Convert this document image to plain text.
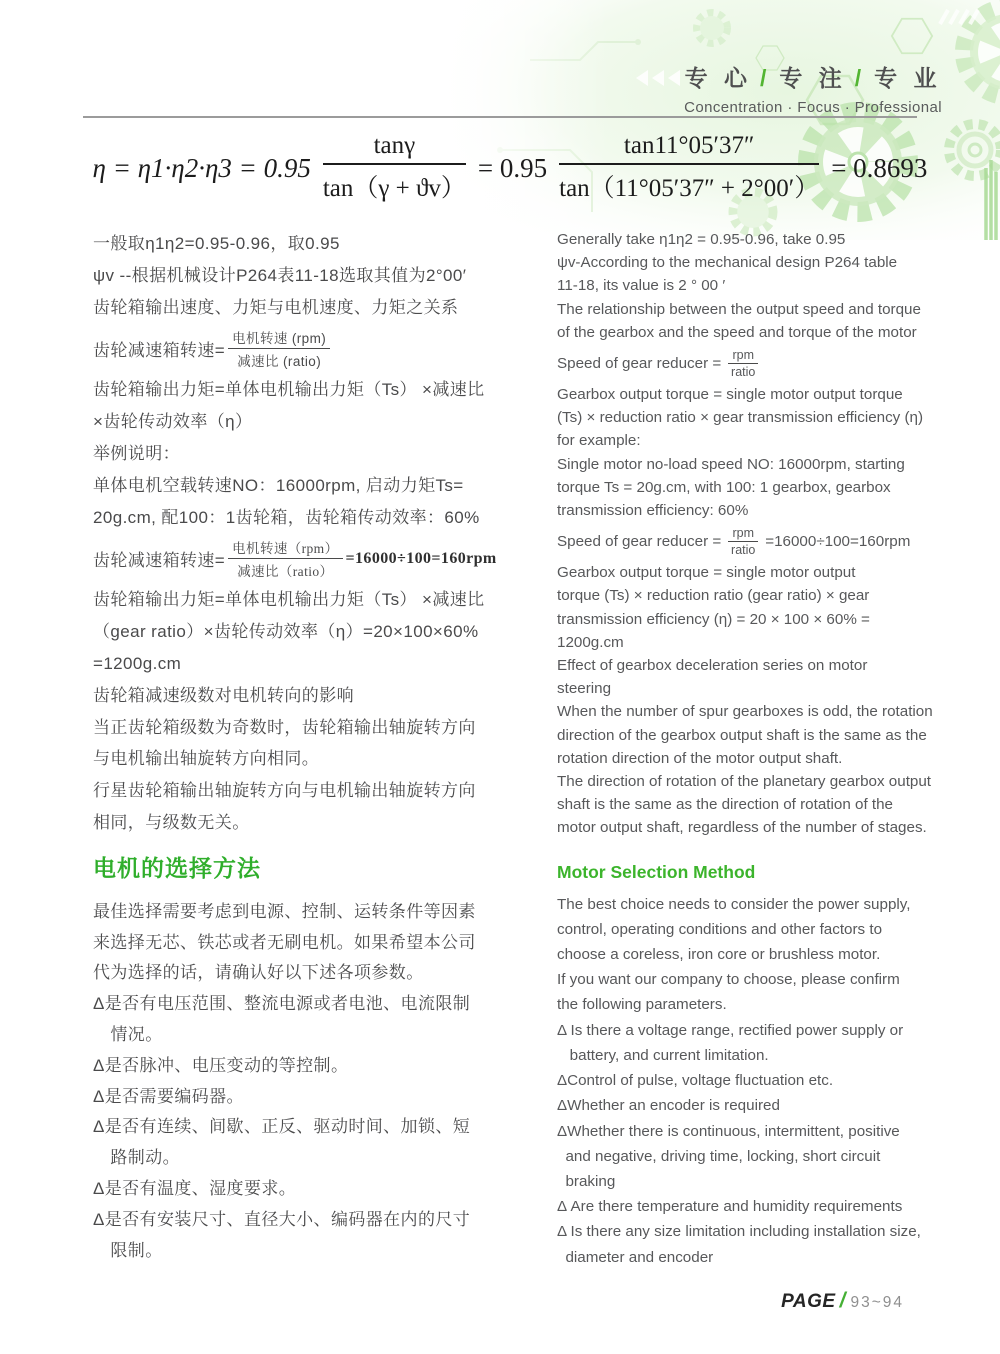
专 心 / 专 注 / 专 业
Concentration · Focus · Professional
$\eta = \eta 1\cdot\eta 2\cdot\eta 3 = 0.95 \frac{\tan\gamma}{\tan(\gamma + ϑv)} = 0.95 \frac{\tan 11^\circ 05'37''}{\tan(11^\circ 05'37'' + 2^\circ 00')} = 0.8693$
一般取η1η2=0.95-0.96，取0.95
ψv --根据机械设计P264表11-18选取其值为2°00′
齿轮箱输出速度、力矩与电机速度、力矩之关系
齿轮减速箱转速= $\frac{\text{电机转速 (rpm)}}{\text{减速比 (ratio)}}$
齿轮箱输出力矩=单体电机输出力矩（Ts） ×减速比
×齿轮传动效率（η）
举例说明：
单体电机空载转速NO：16000rpm, 启动力矩Ts=
20g.cm, 配100：1齿轮箱，齿轮箱传动效率：60%
齿轮减速箱转速= $\frac{\text{电机转速（rpm）}}{\text{减速比（ratio）}} =16000\div 100=160rpm$
齿轮箱输出力矩=单体电机输出力矩（Ts） ×减速比
（gear ratio）×齿轮传动效率（η）=20×100×60%
=1200g.cm
齿轮箱减速级数对电机转向的影响
当正齿轮箱级数为奇数时，齿轮箱输出轴旋转方向
与电机输出轴旋转方向相同。
行星齿轮箱输出轴旋转方向与电机输出轴旋转方向
相同，与级数无关。
电机的选择方法
最佳选择需要考虑到电源、控制、运转条件等因素
来选择无芯、铁芯或者无刷电机。如果希望本公司
代为选择的话，请确认好以下述各项参数。
Δ是否有电压范围、整流电源或者电池、电流限制
　情况。
Δ是否脉冲、电压变动的等控制。
Δ是否需要编码器。
Δ是否有连续、间歇、正反、驱动时间、加锁、短
　路制动。
Δ是否有温度、湿度要求。
Δ是否有安装尺寸、直径大小、编码器在内的尺寸
　限制。
Generally take η1η2 = 0.95-0.96, take 0.95
ψv-According to the mechanical design P264 table
11-18, its value is 2 ° 00 ′
The relationship between the output speed and torque
of the gearbox and the speed and torque of the motor
Speed of gear reducer = $\frac{\text{rpm}}{\text{ratio}}$
Gearbox output torque = single motor output torque
(Ts) × reduction ratio × gear transmission efficiency (η)
for example:
Single motor no-load speed NO: 16000rpm, starting
torque Ts = 20g.cm, with 100: 1 gearbox, gearbox
transmission efficiency: 60%
Speed of gear reducer = $\frac{\text{rpm}}{\text{ratio}} =16000\div 100=160rpm$
Gearbox output torque = single motor output
torque (Ts) × reduction ratio (gear ratio) × gear
transmission efficiency (η) = 20 × 100 × 60% =
1200g.cm
Effect of gearbox deceleration series on motor
steering
When the number of spur gearboxes is odd, the rotation
direction of the gearbox output shaft is the same as the
rotation direction of the motor output shaft.
The direction of rotation of the planetary gearbox output
shaft is the same as the direction of rotation of the
motor output shaft, regardless of the number of stages.
Motor Selection Method
The best choice needs to consider the power supply,
control, operating conditions and other factors to
choose a coreless, iron core or brushless motor.
If you want our company to choose, please confirm
the following parameters.
Δ Is there a voltage range, rectified power supply or
battery, and current limitation.
ΔControl of pulse, voltage fluctuation etc.
ΔWhether an encoder is required
ΔWhether there is continuous, intermittent, positive
and negative, driving time, locking, short circuit
braking
Δ Are there temperature and humidity requirements
Δ Is there any size limitation including installation size,
diameter and encoder
PAGE / 93~94
